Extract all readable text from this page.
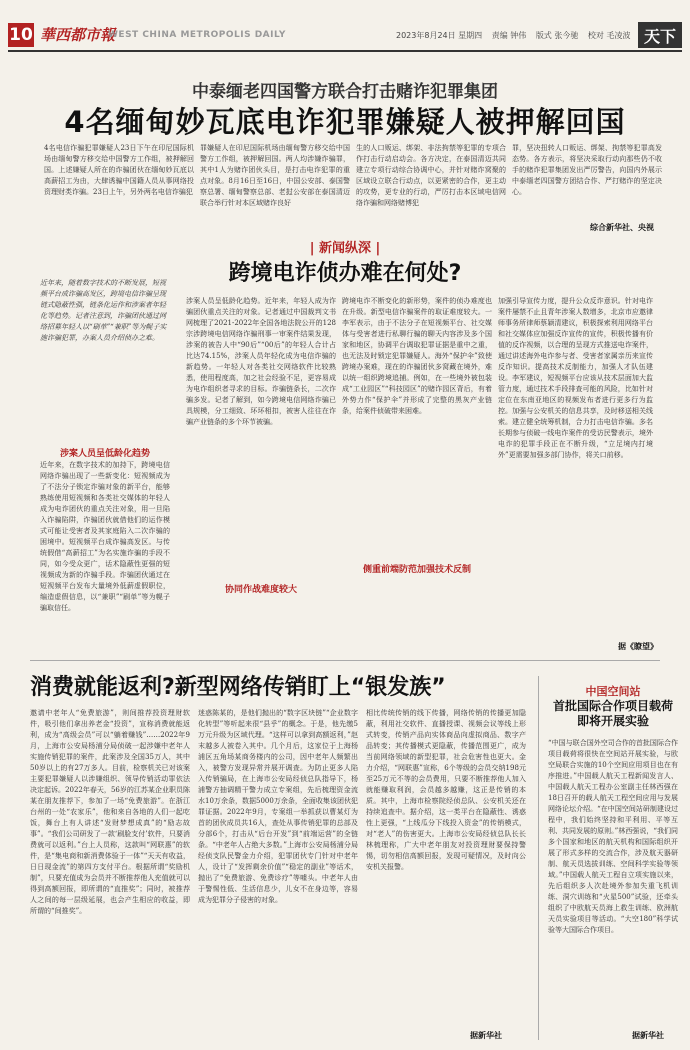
10 華西都市報
WEST CHINA METROPOLIS DAILY	2023年8月24日 星期四 责编 钟伟 版式 张今驰 校对 毛凌波 天下
中泰缅老四国警方联合打击赌诈犯罪集团
4名缅甸妙瓦底电诈犯罪嫌疑人被押解回国
4名电信诈骗犯罪嫌疑人23日下午在印尼国际机场由缅甸警方移交给中国警方工作组，被押解回国。上述嫌疑人所在的诈骗团伙在缅甸妙瓦底以高薪招工为由，大肆诱骗中国籍人员从事网络投资理财类诈骗。23日上午，另外两名电信诈骗犯
罪嫌疑人在印尼国际机场由缅甸警方移交给中国警方工作组，被押解回国。两人均涉嫌诈骗罪，其中1人为赌诈团伙头目，是打击电诈犯罪的重点对象。8月16日至16日，中国公安部、泰国警察总署、缅甸警察总部、老挝公安部在泰国清迈联合举行针对本区域赌诈良好
生的人口贩运、绑架、非法拘禁等犯罪的专项合作打击行动启动会。各方决定，在泰国清迈共同建立专项行动综合协调中心，并针对赌诈窝聚的区域设立联合行动点，以更紧密的合作，更主动的攻势，更专业的行动，严厉打击本区域电信网络诈骗和网络赌博犯
罪，坚决扭转人口贩运、绑架、拘禁等犯罪高发态势。各方表示，将坚决采取行动向那些仍不收手的赌诈犯罪集团发出严厉警告，向国内外展示中泰缅老四国警方团结合作、严打赌诈的坚定决心。
综合新华社、央视
| 新闻纵深 |
跨境电诈侦办难在何处?
近年来，随着数字技术的不断发展，短视频平台成诈骗高发区，跨境电信诈骗呈现链式隐蔽性强，链条化运作和涉案者年轻化等趋势。记者注意到，诈骗团伙通过网络招募年轻人以“刷单”“兼职”等为幌子实施诈骗犯罪，办案人员介绍侦办之难。
涉案人员呈低龄化趋势
近年来，在数字技术的加持下，跨境电信网络诈骗出现了一些新变化：短视频成为了不法分子锁定诈骗对象的新平台，能够熟练使用短视频和各类社交媒体的年轻人成为电诈团伙的重点关注对象，用一旦陷入诈骗陷阱，诈骗团伙就借他们的运作模式可能让受害者及其家庭陷入二次诈骗的困境中。短视频平台成诈骗高发区。与传统假借“高薪招工”为名实施诈骗的手段不同，如今受众更广，话术隐蔽性更强的短视频成为新的诈骗手段。诈骗团伙通过在短视频平台发布大量境外低薪虚假职位，编造虚假信息，以“兼职”“刷单”等为幌子骗取信任。
涉案人员呈低龄化趋势。近年来，年轻人成为诈骗团伙重点关注的对象。记者通过中国裁判文书网梳理了2021-2022年全国各地法院公开的128宗涉跨境电信网络诈骗刑事一审案件结果发现，涉案的被告人中“90后”“00后”的年轻人合计占比达74.15%，涉案人员年轻化成为电信诈骗的新趋势。一年轻人对各类社交网络软件比较熟悉，使用程度高，加之社会经验不足，更容易成为电诈组织者寻求的目标。诈骗链条长，二次诈骗多发。记者了解到，如今跨境电信网络诈骗已具规模，分工细致、环环相扣，被害人往往在诈骗产业链条的多个环节被骗。
协同作战难度较大
跨境电诈不断变化的新形势，案件的侦办难度也在升级。新型电信诈骗案件的取证难度较大。一李军表示，由于不法分子在短视频平台、社交媒体与受害者进行私聊行骗的聊天内容涉及多个国家和地区，协调平台调取犯罪证据是重中之重，也无法及时锁定犯罪嫌疑人。海外“保护伞”致使跨境办案难，现在的诈骗团伙多窝藏在境外，难以统一组织跨境追捕。例如，在一些境外被包装成“工业园区”“科技园区”的赌诈园区背后，有着外势力作“保护伞”并形成了完整的黑灰产业链条，给案件侦破带来困难。
侧重前端防范加强技术反制
加强引导宣传力度，提升公众反诈意识。针对电诈案件屡禁不止且青年涉案人数增多，北京市应邀律师事务所律师蔡颖清建议，积极探索利用网络平台和社交媒体应加强反诈宣传的宣传，积极传播有价值的反诈视频，以合理的呈现方式推送电诈案件，通过讲述海外电诈参与者、受害者家属亲历来宣传反诈知识。提高技术反制能力，加强人才队伍建设。李军建议，短视频平台应该从技术层面加大监管力度，通过技术手段排查可能的风险，比如针对定位在东南亚地区的视频发布者进行更多行为监控。加强与公安机关的信息共享，及时移送相关线索。建立健全统筹机制，合力打击电信诈骗。多名长期参与侦破一线电诈案件的受访民警表示，境外电诈的犯罪手段正在不断升级，“立足境内打境外”更需要加强多部门协作，将关口前移。
据《瞭望》
消费就能返利?新型网络传销盯上“银发族”
邀请中老年人“免费旅游”，则间推荐投资理财软件，吸引他们拿出养老金“投资”，宣称消费就能返利，成为“高级会员”可以“躺着赚钱”……2022年9月，上海市公安局杨浦分局侦破一起涉嫌中老年人实施传销犯罪的案件，此案涉及全国35万人，其中50岁以上的有27万多人。目前，检察机关已对该案主要犯罪嫌疑人以涉嫌组织、领导传销活动罪依法决定起诉。2022年春天，56岁的江苏某企业职员陈某在朋友推荐下，参加了一场“免费旅游”。在浙江台州的一处“农家乐”，他和来自各地的人们一起吃饭，舞台上有人讲述“发财梦想成真”的“励志故事”。“我们公司研发了一款‘刷脸支付’软件，只要消费就可以返利。”台上人员称，这款叫“网联惠”的软件，是“集电商和新消费体验于一体”“天天有收益，日日现金流”的第四方支付平台。根据所谓“奖励机制”，只要充值成为会员并不断推荐他人充值就可以得到高额回报，即所谓的“直推奖”；同时，被推荐人之间的每一层级延展，也会产生相应的收益，即所谓的“间推奖”。
迷惑陈某的，是他们抛出的“数字区块链”“企业数字化转型”等听起来很“县乎”的概念。于是，他先缴5万元升级为区域代理。“这样可以拿到高额返利，”赵末越多人被卷入其中。几个月后，这家位于上海杨浦区五角场某商务楼内的公司，因中老年人频繁出入，被警方发现异常并展开调查。为防止更多人陷入传销骗局，在上海市公安局经侦总队指导下，杨浦警方抽调精干警力成立专案组，先后梳理资金流水10万余条，数据5000万余条，全面收集该团伙犯罪证据。2022年9月，专案组一举抓获以曹某灯为首的团伙成员共16人，查处从事传销犯罪的总部及分部6个，打击从“后台开发”到“前端运营”的全链条。“中老年人占绝大多数。”上海市公安局杨浦分局经侦支队民警金力介绍，犯罪团伙专门针对中老年人，设计了“发挥剩余价值”“稳定的副业”等话术，抛出了“免费旅游、免费诊疗”等噱头。中老年人由于警惕性低、生活信息少，儿女不在身边等，容易成为犯罪分子侵害的对象。
相比传统传销的线下传播，网络传销的传播更加隐蔽，利用社交软件、直播授课、视频会议等线上形式转变，传销产品向实体商品向虚拟商品、数字产品转变；其传播模式更隐蔽，传播范围更广，成为当前网络领域的新型犯罪，社会危害性也更大。金力介绍，“网联惠”宣称，6个等级的会员交纳198元至25万元不等的会员费用，只要不断推荐他人加入就能赚取利润，会员越多越赚，这正是传销的本质。其中，上海市检察院经侦总队、公安机关还在持续追查中。据介绍，这一类平台在隐蔽性、诱惑性上更强，“上线瓜分下线投入资金”的传销模式，对“老人”的伤害更大。上海市公安局经侦总队长长林梳理称，广大中老年朋友对投资理财要保持警惕，切勿相信高额回报，发现可疑情况，及时向公安机关报警。
据新华社
中国空间站
首批国际合作项目载荷即将开展实验
“中国与联合国外空司合作的首批国际合作项目载荷将很快在空间站开展实验，与欧空局联合实施的10个空间应用项目也在有序推进。”中国载人航天工程新闻发言人、中国载人航天工程办公室副主任林西强在18日召开的载人航天工程空间应用与发展网络论坛介绍。“在中国空间站研制建设过程中，我们始终坚持和平利用、平等互利、共同发展的原则。”林西强说，“我们同多个国家和地区的航天机构和国际组织开展了形式多样的交流合作，涉及航天器研制、航天员选拔训练、空间科学实验等领域。”中国载人航天工程自立项实施以来，先后组织多人次赴境外参加失重飞机训练、洞穴训练和“火星500”试验，还牵头组织了中欧航天员海上救生训练、欧洲航天员实验项目等活动。“大空180”科学试验等大国际合作项目。
据新华社
